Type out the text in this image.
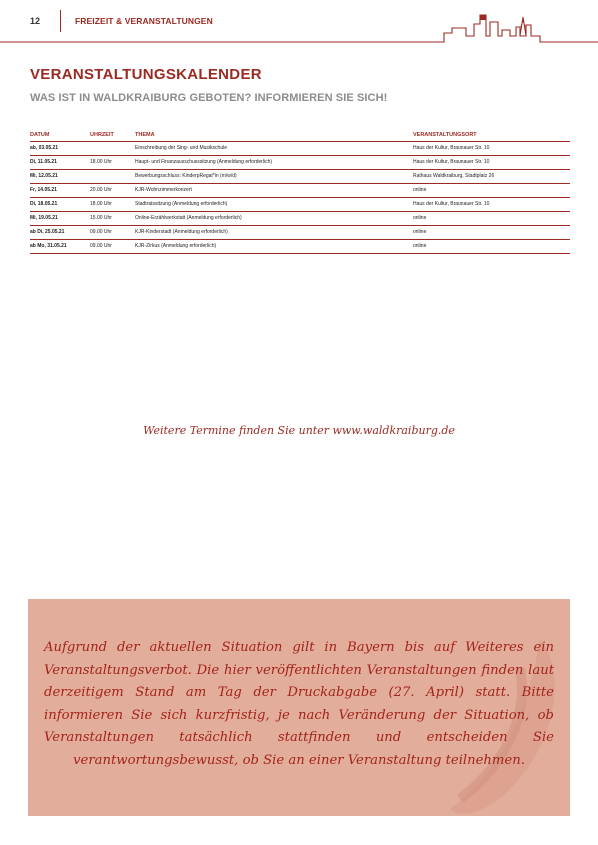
12	FREIZEIT & VERANSTALTUNGEN
VERANSTALTUNGSKALENDER
WAS IST IN WALDKRAIBURG GEBOTEN? INFORMIEREN SIE SICH!
DATUM	UHRZEIT	THEMA	VERANSTALTUNGSORT
ab, 03.05.21		Einschreibung der Sing- und Musikschule	Haus der Kultur, Braunauer Str. 10
Di, 11.05.21	18.00 Uhr	Haupt- und Finanzausschusssitzung (Anmeldung erforderlich)	Haus der Kultur, Braunauer Str. 10
Mi, 12.05.21		Bewerbungsschluss: KinderpRegat*in (m/w/d)	Rathaus Waldkraiburg, Stadtplatz 26
Fr, 14.05.21	20.00 Uhr	KJR-Wohnzimmerkonzert	online
Di, 18.05.21	18.00 Uhr	Stadtratssitzung (Anmeldung erforderlich)	Haus der Kultur, Braunauer Str. 10
Mi, 19.05.21	15.00 Uhr	Online-Erzählwerkstatt (Anmeldung erforderlich)	online
ab Di, 25.05.21	09.00 Uhr	KJR-Kinderstadt (Anmeldung erforderlich)	online
ab Mo, 31.05.21	09.00 Uhr	KJR-Zirkus (Anmeldung erforderlich)	online
Weitere Termine finden Sie unter www.waldkraiburg.de
Aufgrund der aktuellen Situation gilt in Bayern bis auf Weiteres ein Veranstaltungsverbot. Die hier veröffentlichten Veranstaltungen finden laut derzeitigem Stand am Tag der Druckabgabe (27. April) statt. Bitte informieren Sie sich kurzfristig, je nach Veränderung der Situation, ob Veranstaltungen tatsächlich stattfinden und entscheiden Sie verantwortungsbewusst, ob Sie an einer Veranstaltung teilnehmen.
